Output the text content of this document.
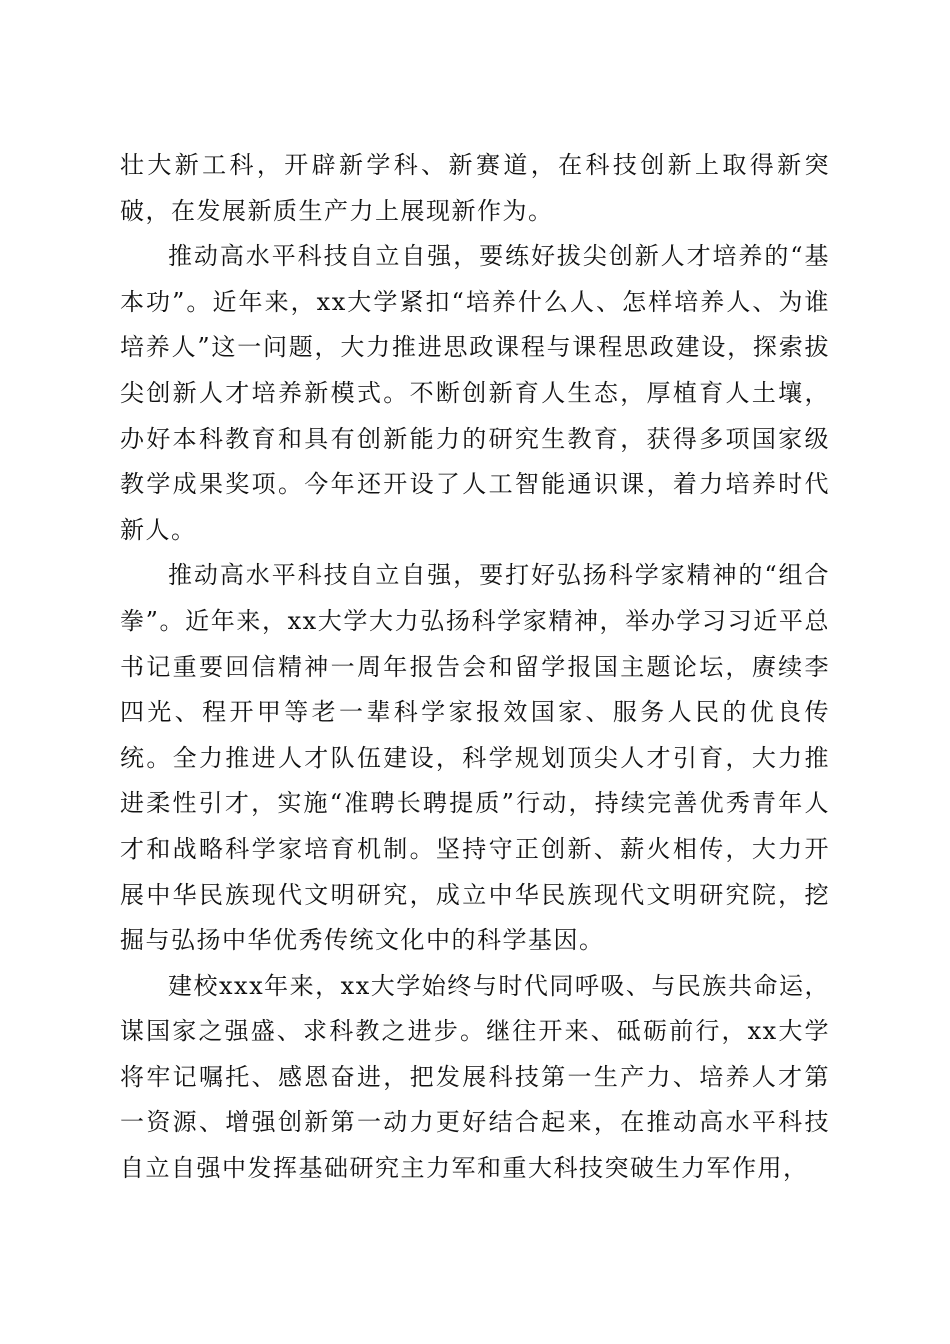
壮大新工科，开辟新学科、新赛道，在科技创新上取得新突破，在发展新质生产力上展现新作为。

推动高水平科技自立自强，要练好拔尖创新人才培养的“基本功”。近年来，xx大学紧扣“培养什么人、怎样培养人、为谁培养人”这一问题，大力推进思政课程与课程思政建设，探索拔尖创新人才培养新模式。不断创新育人生态，厚植育人土壤，办好本科教育和具有创新能力的研究生教育，获得多项国家级教学成果奖项。今年还开设了人工智能通识课，着力培养时代新人。

推动高水平科技自立自强，要打好弘扬科学家精神的“组合拳”。近年来，xx大学大力弘扬科学家精神，举办学习习近平总书记重要回信精神一周年报告会和留学报国主题论坛，赓续李四光、程开甲等老一辈科学家报效国家、服务人民的优良传统。全力推进人才队伍建设，科学规划顶尖人才引育，大力推进柔性引才，实施“准聘长聘提质”行动，持续完善优秀青年人才和战略科学家培育机制。坚持守正创新、薪火相传，大力开展中华民族现代文明研究，成立中华民族现代文明研究院，挖掘与弘扬中华优秀传统文化中的科学基因。

建校xxx年来，xx大学始终与时代同呼吸、与民族共命运，谋国家之强盛、求科教之进步。继往开来、砥砺前行，xx大学将牢记嘱托、感恩奋进，把发展科技第一生产力、培养人才第一资源、增强创新第一动力更好结合起来，在推动高水平科技自立自强中发挥基础研究主力军和重大科技突破生力军作用，
